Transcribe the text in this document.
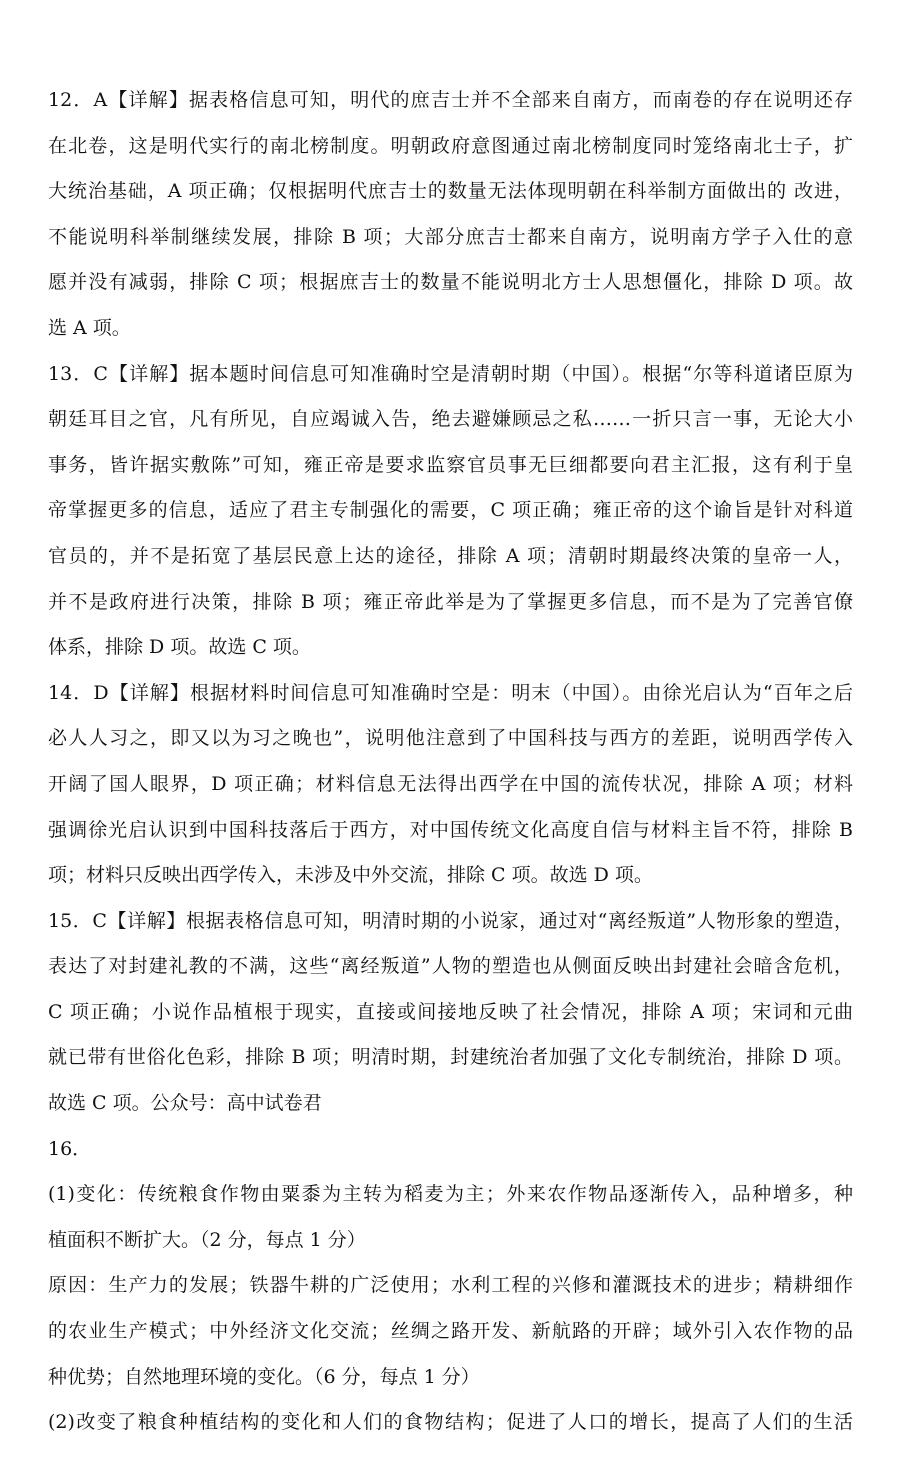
12．A【详解】据表格信息可知，明代的庶吉士并不全部来自南方，而南卷的存在说明还存
在北卷，这是明代实行的南北榜制度。明朝政府意图通过南北榜制度同时笼络南北士子，扩
大统治基础，A 项正确；仅根据明代庶吉士的数量无法体现明朝在科举制方面做出的 改进，
不能说明科举制继续发展，排除 B 项；大部分庶吉士都来自南方，说明南方学子入仕的意
愿并没有减弱，排除 C 项；根据庶吉士的数量不能说明北方士人思想僵化，排除 D 项。故
选 A 项。
13．C【详解】据本题时间信息可知准确时空是清朝时期（中国）。根据“尔等科道诸臣原为
朝廷耳目之官，凡有所见，自应竭诚入告，绝去避嫌顾忌之私……一折只言一事，无论大小
事务，皆许据实敷陈”可知，雍正帝是要求监察官员事无巨细都要向君主汇报，这有利于皇
帝掌握更多的信息，适应了君主专制强化的需要，C 项正确；雍正帝的这个谕旨是针对科道
官员的，并不是拓宽了基层民意上达的途径，排除 A 项；清朝时期最终决策的皇帝一人，
并不是政府进行决策，排除 B 项；雍正帝此举是为了掌握更多信息，而不是为了完善官僚
体系，排除 D 项。故选 C 项。
14．D【详解】根据材料时间信息可知准确时空是：明末（中国）。由徐光启认为“百年之后
必人人习之，即又以为习之晚也”，说明他注意到了中国科技与西方的差距，说明西学传入
开阔了国人眼界，D 项正确；材料信息无法得出西学在中国的流传状况，排除 A 项；材料
强调徐光启认识到中国科技落后于西方，对中国传统文化高度自信与材料主旨不符，排除 B
项；材料只反映出西学传入，未涉及中外交流，排除 C 项。故选 D 项。
15．C【详解】根据表格信息可知，明清时期的小说家，通过对“离经叛道”人物形象的塑造，
表达了对封建礼教的不满，这些“离经叛道”人物的塑造也从侧面反映出封建社会暗含危机，
C 项正确；小说作品植根于现实，直接或间接地反映了社会情况，排除 A 项；宋词和元曲
就已带有世俗化色彩，排除 B 项；明清时期，封建统治者加强了文化专制统治，排除 D 项。
故选 C 项。公众号：高中试卷君
16．
(1)变化：传统粮食作物由粟黍为主转为稻麦为主；外来农作物品逐渐传入，品种增多，种
植面积不断扩大。（2 分，每点 1 分）
原因：生产力的发展；铁器牛耕的广泛使用；水利工程的兴修和灌溉技术的进步；精耕细作
的农业生产模式；中外经济文化交流；丝绸之路开发、新航路的开辟；域外引入农作物的品
种优势；自然地理环境的变化。（6 分，每点 1 分）
(2)改变了粮食种植结构的变化和人们的食物结构；促进了人口的增长，提高了人们的生活
